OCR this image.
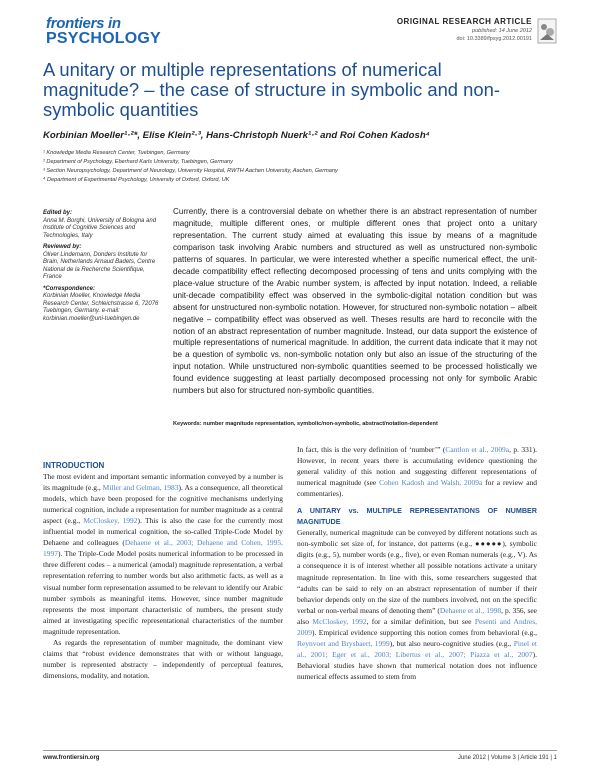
frontiers in
PSYCHOLOGY
ORIGINAL RESEARCH ARTICLE
published: 14 June 2012
doi: 10.3389/fpsyg.2012.00191
A unitary or multiple representations of numerical magnitude? – the case of structure in symbolic and non-symbolic quantities
Korbinian Moeller¹·²*, Elise Klein²·³, Hans-Christoph Nuerk¹·² and Roi Cohen Kadosh⁴
¹ Knowledge Media Research Center, Tuebingen, Germany
² Department of Psychology, Eberhard Karls University, Tuebingen, Germany
³ Section Neuropsychology, Department of Neurology, University Hospital, RWTH Aachen University, Aachen, Germany
⁴ Department of Experimental Psychology, University of Oxford, Oxford, UK
Edited by:
Anna M. Borghi, University of Bologna and Institute of Cognitive Sciences and Technologies, Italy
Reviewed by:
Oliver Lindemann, Donders Institute for Brain, Netherlands Arnaud Badets, Centre National de la Recherche Scientifique, France
*Correspondence:
Korbinian Moeller, Knowledge Media Research Center, Schleichstrasse 6, 72076 Tuebingen, Germany. e-mail: korbinian.moeller@uni-tuebingen.de
Currently, there is a controversial debate on whether there is an abstract representation of number magnitude, multiple different ones, or multiple different ones that project onto a unitary representation. The current study aimed at evaluating this issue by means of a magnitude comparison task involving Arabic numbers and structured as well as unstructured non-symbolic patterns of squares. In particular, we were interested whether a specific numerical effect, the unit-decade compatibility effect reflecting decomposed processing of tens and units complying with the place-value structure of the Arabic number system, is affected by input notation. Indeed, a reliable unit-decade compatibility effect was observed in the symbolic-digital notation condition but was absent for unstructured non-symbolic notation. However, for structured non-symbolic notation – albeit negative – compatibility effect was observed as well. Theses results are hard to reconcile with the notion of an abstract representation of number magnitude. Instead, our data support the existence of multiple representations of numerical magnitude. In addition, the current data indicate that it may not be a question of symbolic vs. non-symbolic notation only but also an issue of the structuring of the input notation. While unstructured non-symbolic quantities seemed to be processed holistically we found evidence suggesting at least partially decomposed processing not only for symbolic Arabic numbers but also for structured non-symbolic quantities.
Keywords: number magnitude representation, symbolic/non-symbolic, abstract/notation-dependent
INTRODUCTION
The most evident and important semantic information conveyed by a number is its magnitude (e.g., Miller and Gelman, 1983). As a consequence, all theoretical models, which have been proposed for the cognitive mechanisms underlying numerical cognition, include a representation for number magnitude as a central aspect (e.g., McCloskey, 1992). This is also the case for the currently most influential model in numerical cognition, the so-called Triple-Code Model by Dehaene and colleagues (Dehaene et al., 2003; Dehaene and Cohen, 1995, 1997). The Triple-Code Model posits numerical information to be processed in three different codes – a numerical (amodal) magnitude representation, a verbal representation referring to number words but also arithmetic facts, as well as a visual number form representation assumed to be relevant to identify our Arabic number symbols as meaningful items. However, since number magnitude represents the most important characteristic of numbers, the present study aimed at investigating specific representational characteristics of the number magnitude representation.
As regards the representation of number magnitude, the dominant view claims that “robust evidence demonstrates that with or without language, number is represented abstracty – independently of perceptual features, dimensions, modality, and notation.
In fact, this is the very definition of ‘number’” (Cantlon et al., 2009a, p. 331). However, in recent years there is accumulating evidence questioning the general validity of this notion and suggesting different representations of numerical magnitude (see Cohen Kadosh and Walsh, 2009a for a review and commentaries).
A UNITARY vs. MULTIPLE REPRESENTATIONS OF NUMBER MAGNITUDE
Generally, numerical magnitude can be conveyed by different notations such as non-symbolic set size of, for instance, dot patterns (e.g., ●●●●●), symbolic digits (e.g., 5), number words (e.g., five), or even Roman numerals (e.g., V). As a consequence it is of interest whether all possible notations activate a unitary magnitude representation. In line with this, some researchers suggested that “adults can be said to rely on an abstract representation of number if their behavior depends only on the size of the numbers involved, not on the specific verbal or non-verbal means of denoting them” (Dehaene et al., 1998, p. 356, see also McCloskey, 1992, for a similar definition, but see Pesenti and Andres, 2009). Empirical evidence supporting this notion comes from behavioral (e.g., Reynvoet and Brysbaert, 1999), but also neuro-cognitive studies (e.g., Pinel et al., 2001; Eger et al., 2003; Libertus et al., 2007; Piazza et al., 2007). Behavioral studies have shown that numerical notation does not influence numerical effects assumed to stem from
www.frontiersin.org	June 2012 | Volume 3 | Article 191 | 1
